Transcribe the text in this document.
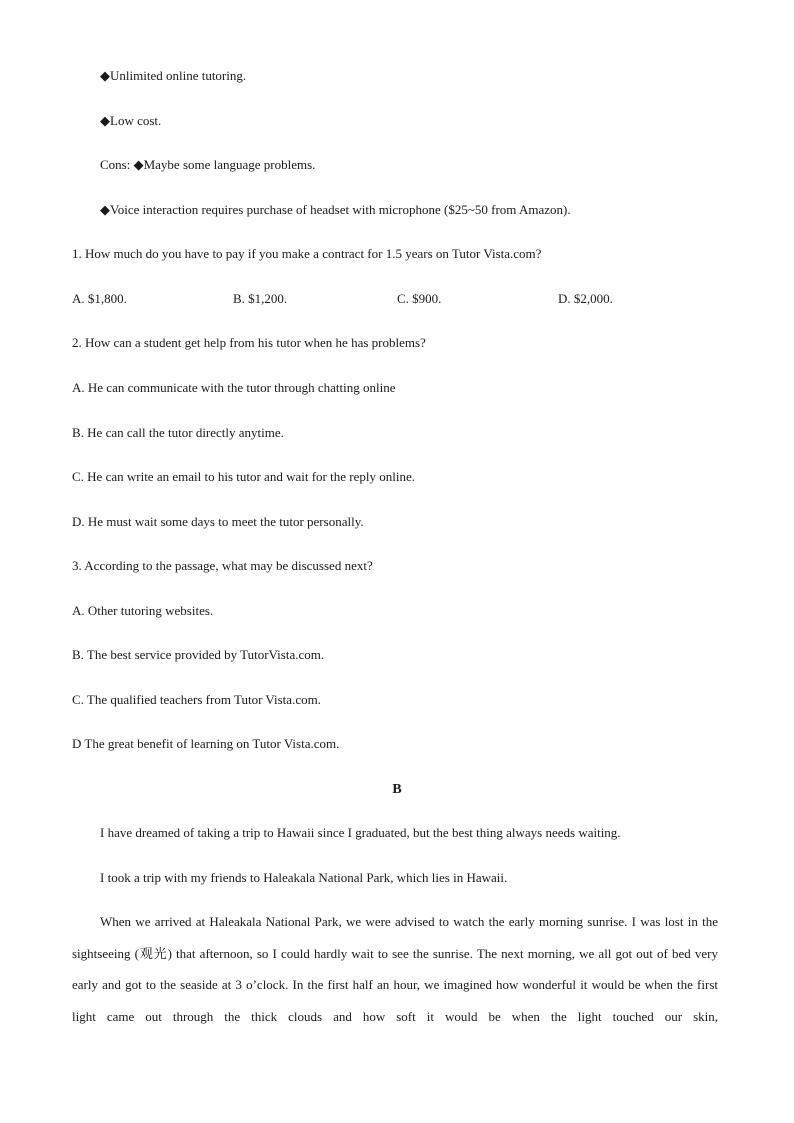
◆Unlimited online tutoring.
◆Low cost.
Cons: ◆Maybe some language problems.
◆Voice interaction requires purchase of headset with microphone ($25~50 from Amazon).
1. How much do you have to pay if you make a contract for 1.5 years on Tutor Vista.com?
A. $1,800.	B. $1,200.	C. $900.	D. $2,000.
2. How can a student get help from his tutor when he has problems?
A. He can communicate with the tutor through chatting online
B. He can call the tutor directly anytime.
C. He can write an email to his tutor and wait for the reply online.
D. He must wait some days to meet the tutor personally.
3. According to the passage, what may be discussed next?
A. Other tutoring websites.
B. The best service provided by TutorVista.com.
C. The qualified teachers from Tutor Vista.com.
D The great benefit of learning on Tutor Vista.com.
B
I have dreamed of taking a trip to Hawaii since I graduated, but the best thing always needs waiting.
I took a trip with my friends to Haleakala National Park, which lies in Hawaii.

When we arrived at Haleakala National Park, we were advised to watch the early morning sunrise. I was lost in the sightseeing (观光) that afternoon, so I could hardly wait to see the sunrise. The next morning, we all got out of bed very early and got to the seaside at 3 o’clock. In the first half an hour, we imagined how wonderful it would be when the first light came out through the thick clouds and how soft it would be when the light touched our skin,
